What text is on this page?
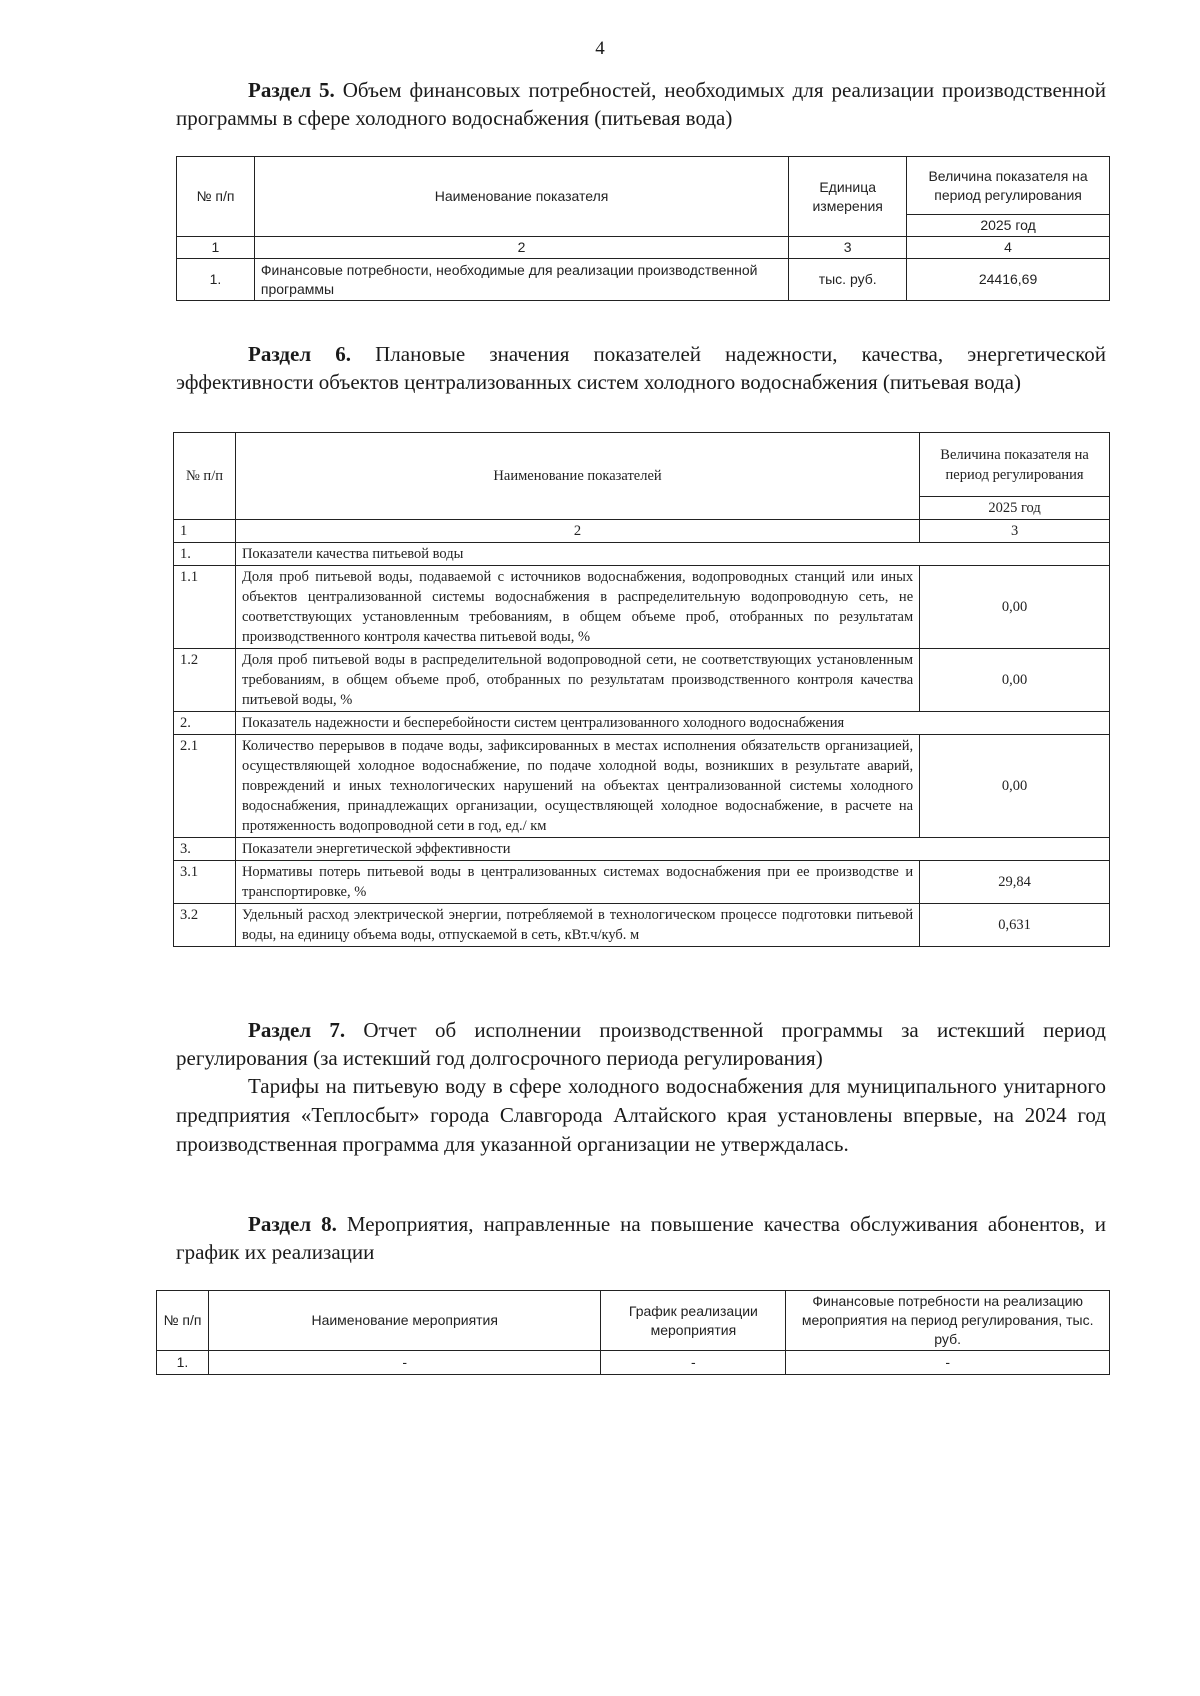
4
Раздел 5. Объем финансовых потребностей, необходимых для реализации производственной программы в сфере холодного водоснабжения (питьевая вода)
№ п/п	Наименование показателя	Единица измерения	Величина показателя на период регулирования
			2025 год
1	2	3	4
1.	Финансовые потребности, необходимые для реализации производственной программы	тыс. руб.	24416,69
Раздел 6. Плановые значения показателей надежности, качества, энергетической эффективности объектов централизованных систем холодного водоснабжения (питьевая вода)
№ п/п	Наименование показателей	Величина показателя на период регулирования
		2025 год
1	2	3
1.	Показатели качества питьевой воды	
1.1	Доля проб питьевой воды, подаваемой с источников водоснабжения, водопроводных станций или иных объектов централизованной системы водоснабжения в распределительную водопроводную сеть, не соответствующих установленным требованиям, в общем объеме проб, отобранных по результатам производственного контроля качества питьевой воды, %	0,00
1.2	Доля проб питьевой воды в распределительной водопроводной сети, не соответствующих установленным требованиям, в общем объеме проб, отобранных по результатам производственного контроля качества питьевой воды, %	0,00
2.	Показатель надежности и бесперебойности систем централизованного холодного водоснабжения	
2.1	Количество перерывов в подаче воды, зафиксированных в местах исполнения обязательств организацией, осуществляющей холодное водоснабжение, по подаче холодной воды, возникших в результате аварий, повреждений и иных технологических нарушений на объектах централизованной системы холодного водоснабжения, принадлежащих организации, осуществляющей холодное водоснабжение, в расчете на протяженность водопроводной сети в год, ед./ км	0,00
3.	Показатели энергетической эффективности	
3.1	Нормативы потерь питьевой воды в централизованных системах водоснабжения при ее производстве и транспортировке, %	29,84
3.2	Удельный расход электрической энергии, потребляемой в технологическом процессе подготовки питьевой воды, на единицу объема воды, отпускаемой в сеть, кВт.ч/куб. м	0,631
Раздел 7. Отчет об исполнении производственной программы за истекший период регулирования (за истекший год долгосрочного периода регулирования)
Тарифы на питьевую воду в сфере холодного водоснабжения для муниципального унитарного предприятия «Теплосбыт» города Славгорода Алтайского края установлены впервые, на 2024 год производственная программа для указанной организации не утверждалась.
Раздел 8. Мероприятия, направленные на повышение качества обслуживания абонентов, и график их реализации
№ п/п	Наименование мероприятия	График реализации мероприятия	Финансовые потребности на реализацию мероприятия на период регулирования, тыс. руб.
1.	-	-	-
